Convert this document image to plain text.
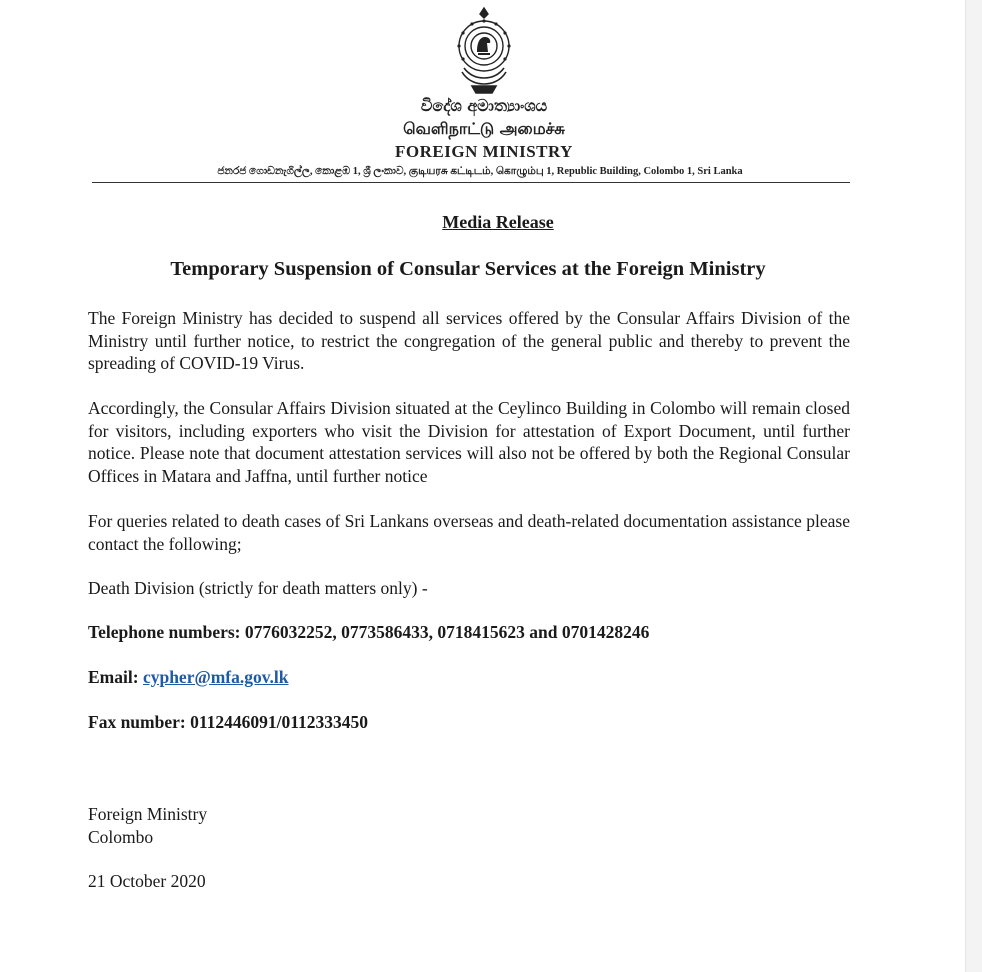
විදේශ අමාත්‍යාංශය
வெளிநாட்டு அமைச்சு
FOREIGN MINISTRY
ජනරජ ගොඩනැගිල්ල, කොළඹ 1, ශ්‍රී ලංකාව, குடியரசு கட்டிடம், கொழும்பு 1, Republic Building, Colombo 1, Sri Lanka
Media Release
Temporary Suspension of Consular Services at the Foreign Ministry

The Foreign Ministry has decided to suspend all services offered by the Consular Affairs Division of the Ministry until further notice, to restrict the congregation of the general public and thereby to prevent the spreading of COVID-19 Virus.

Accordingly, the Consular Affairs Division situated at the Ceylinco Building in Colombo will remain closed for visitors, including exporters who visit the Division for attestation of Export Document, until further notice. Please note that document attestation services will also not be offered by both the Regional Consular Offices in Matara and Jaffna, until further notice

For queries related to death cases of Sri Lankans overseas and death-related documentation assistance please contact the following;

Death Division (strictly for death matters only) -

Telephone numbers: 0776032252, 0773586433, 0718415623 and 0701428246
Email: cypher@mfa.gov.lk
Fax number: 0112446091/0112333450
Foreign Ministry
Colombo
21 October 2020
